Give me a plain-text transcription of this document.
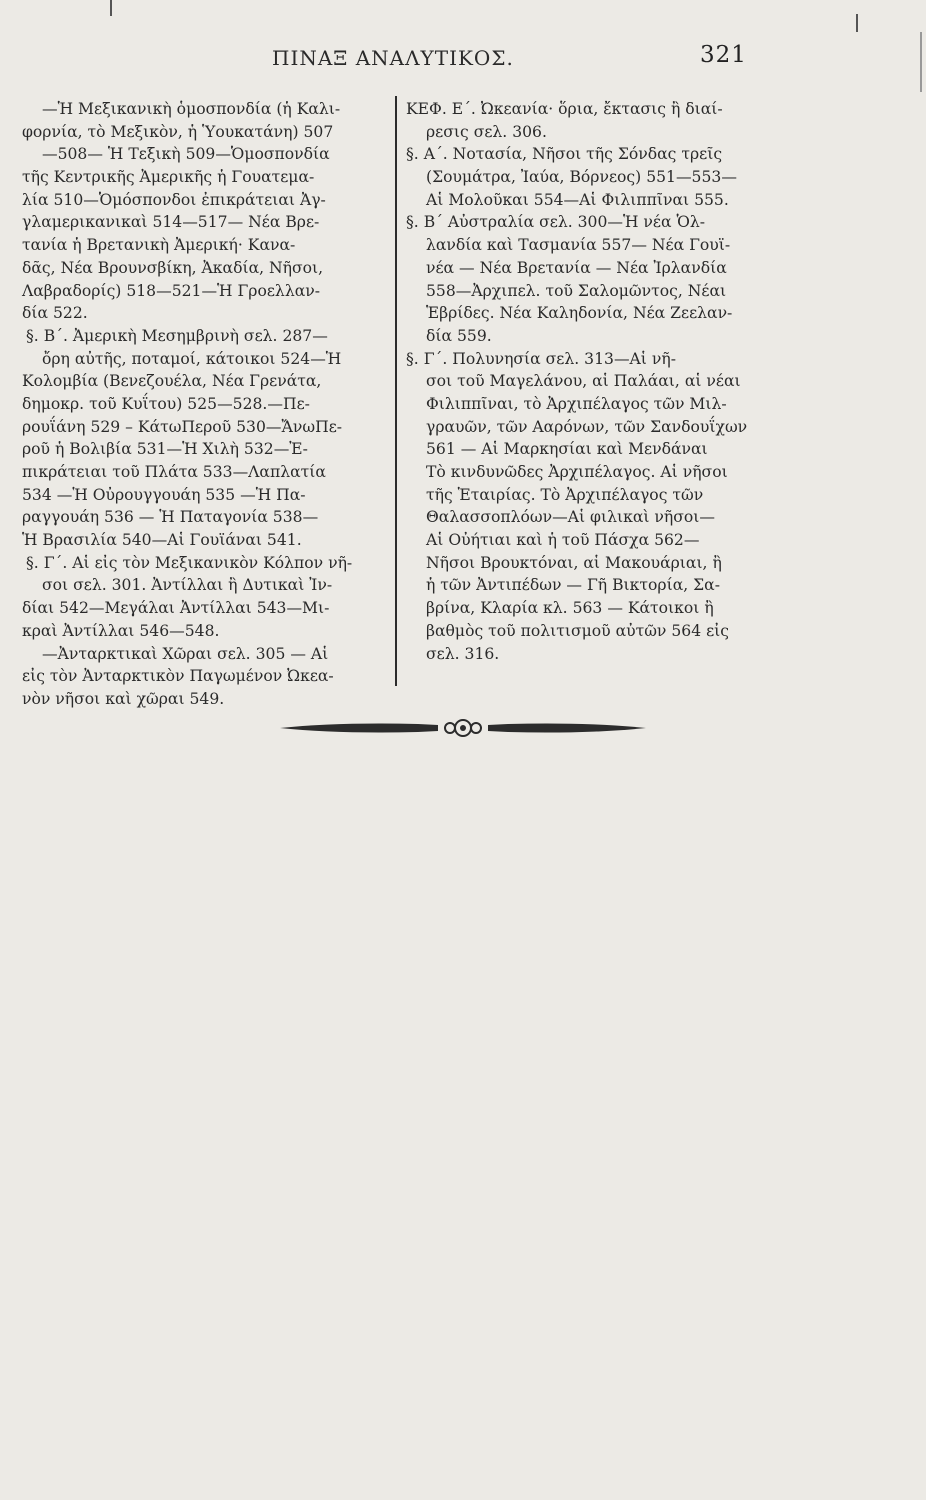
ΠΙΝΑΞ ΑΝΑΛΥΤΙΚΟΣ.	321
—Ἡ Μεξικανικὴ ὁμοσπονδία (ἡ Καλι-
φορνία, τὸ Μεξικὸν, ἡ Ὑουκατάνη) 507
—508— Ἡ Τεξικὴ 509—Ὁμοσπονδία
τῆς Κεντρικῆς Ἀμερικῆς ἡ Γουατεμα-
λία 510—Ὁμόσπονδοι ἐπικράτειαι Ἀγ-
γλαμερικανικαὶ 514—517— Νέα Βρε-
τανία ἡ Βρετανικὴ Ἀμερική· Κανα-
δᾶς, Νέα Βρουνσβίκη, Ἀκαδία, Νῆσοι,
Λαβραδορίς) 518—521—Ἡ Γροελλαν-
δία 522.
§. Β΄. Ἀμερικὴ Μεσημβρινὴ σελ. 287—
ὄρη αὐτῆς, ποταμοί, κάτοικοι 524—Ἡ
Κολομβία (Βενεζουέλα, Νέα Γρενάτα,
δημοκρ. τοῦ Κυΐτου) 525—528.—Πε-
ρουΐάνη 529 – ΚάτωΠεροῦ 530—ἌνωΠε-
ροῦ ἡ Βολιβία 531—Ἡ Χιλὴ 532—Ἐ-
πικράτειαι τοῦ Πλάτα 533—Λαπλατία
534 —Ἡ Οὐρουγγουάη 535 —Ἡ Πα-
ραγγουάη 536 — Ἡ Παταγονία 538—
Ἡ Βρασιλία 540—Αἱ Γουϊάναι 541.
§. Γ΄. Αἱ εἰς τὸν Μεξικανικὸν Κόλπον νῆ-
σοι σελ. 301. Ἀντίλλαι ἢ Δυτικαὶ Ἰν-
δίαι 542—Μεγάλαι Ἀντίλλαι 543—Μι-
κραὶ Ἀντίλλαι 546—548.
—Ἀνταρκτικαὶ Χῶραι σελ. 305 — Αἱ
εἰς τὸν Ἀνταρκτικὸν Παγωμένον Ὠκεα-
νὸν νῆσοι καὶ χῶραι 549.
ΚΕΦ. Ε΄. Ὠκεανία· ὅρια, ἔκτασις ἢ διαί-
ρεσις σελ. 306.
§. Α΄. Νοτασία, Νῆσοι τῆς Σόνδας τρεῖς
(Σουμάτρα, Ἰαύα, Βόρνεος) 551—553—
Αἱ Μολοῦκαι 554—Αἱ Φιλιππῖναι 555.
§. Β΄ Αὐστραλία σελ. 300—Ἡ νέα Ὁλ-
λανδία καὶ Τασμανία 557— Νέα Γουϊ-
νέα — Νέα Βρετανία — Νέα Ἰρλανδία
558—Ἀρχιπελ. τοῦ Σαλομῶντος, Νέαι
Ἑβρίδες. Νέα Καληδονία, Νέα Ζεελαν-
δία 559.
§. Γ΄. Πολυνησία σελ. 313—Αἱ νῆ-
σοι τοῦ Μαγελάνου, αἱ Παλάαι, αἱ νέαι
Φιλιππῖναι, τὸ Ἀρχιπέλαγος τῶν Μιλ-
γραυῶν, τῶν Ααρόνων, τῶν Σανδουΐχων
561 — Αἱ Μαρκησίαι καὶ Μενδάναι
Τὸ κινδυνῶδες Ἀρχιπέλαγος. Αἱ νῆσοι
τῆς Ἑταιρίας. Τὸ Ἀρχιπέλαγος τῶν
Θαλασσοπλόων—Αἱ φιλικαὶ νῆσοι—
Αἱ Οὐήτιαι καὶ ἡ τοῦ Πάσχα 562—
Νῆσοι Βρουκτόναι, αἱ Μακουάριαι, ἢ
ἡ τῶν Ἀντιπέδων — Γῆ Βικτορία, Σα-
βρίνα, Κλαρία κλ. 563 — Κάτοικοι ἢ
βαθμὸς τοῦ πολιτισμοῦ αὐτῶν 564 εἰς
σελ. 316.
